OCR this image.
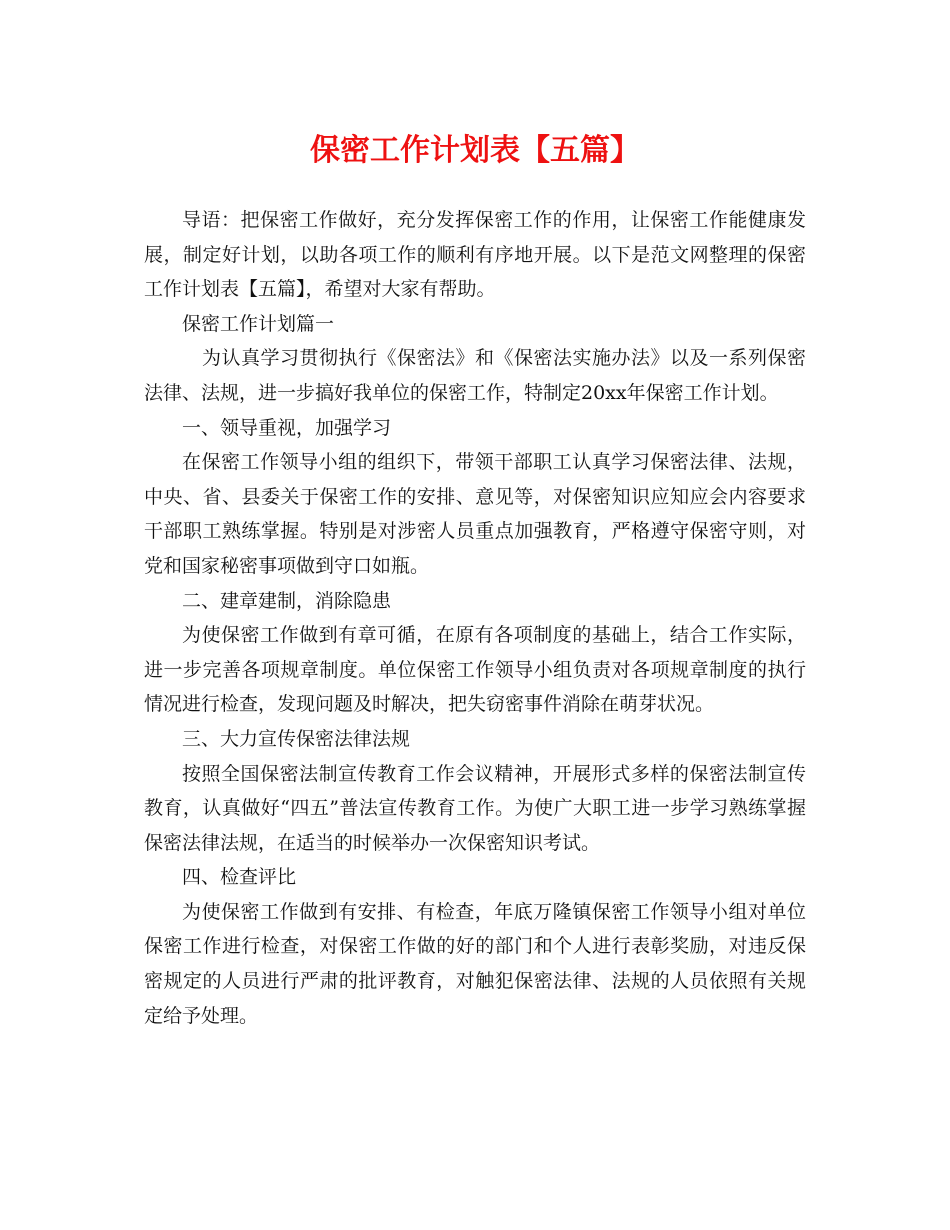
保密工作计划表【五篇】

导语：把保密工作做好，充分发挥保密工作的作用，让保密工作能健康发展，制定好计划，以助各项工作的顺利有序地开展。以下是范文网整理的保密工作计划表【五篇】，希望对大家有帮助。

保密工作计划篇一

为认真学习贯彻执行《保密法》和《保密法实施办法》以及一系列保密法律、法规，进一步搞好我单位的保密工作，特制定20xx年保密工作计划。

一、领导重视，加强学习

在保密工作领导小组的组织下，带领干部职工认真学习保密法律、法规，中央、省、县委关于保密工作的安排、意见等，对保密知识应知应会内容要求干部职工熟练掌握。特别是对涉密人员重点加强教育，严格遵守保密守则，对党和国家秘密事项做到守口如瓶。

二、建章建制，消除隐患

为使保密工作做到有章可循，在原有各项制度的基础上，结合工作实际，进一步完善各项规章制度。单位保密工作领导小组负责对各项规章制度的执行情况进行检查，发现问题及时解决，把失窃密事件消除在萌芽状况。

三、大力宣传保密法律法规

按照全国保密法制宣传教育工作会议精神，开展形式多样的保密法制宣传教育，认真做好“四五”普法宣传教育工作。为使广大职工进一步学习熟练掌握保密法律法规，在适当的时候举办一次保密知识考试。

四、检查评比

为使保密工作做到有安排、有检查，年底万隆镇保密工作领导小组对单位保密工作进行检查，对保密工作做的好的部门和个人进行表彰奖励，对违反保密规定的人员进行严肃的批评教育，对触犯保密法律、法规的人员依照有关规定给予处理。
